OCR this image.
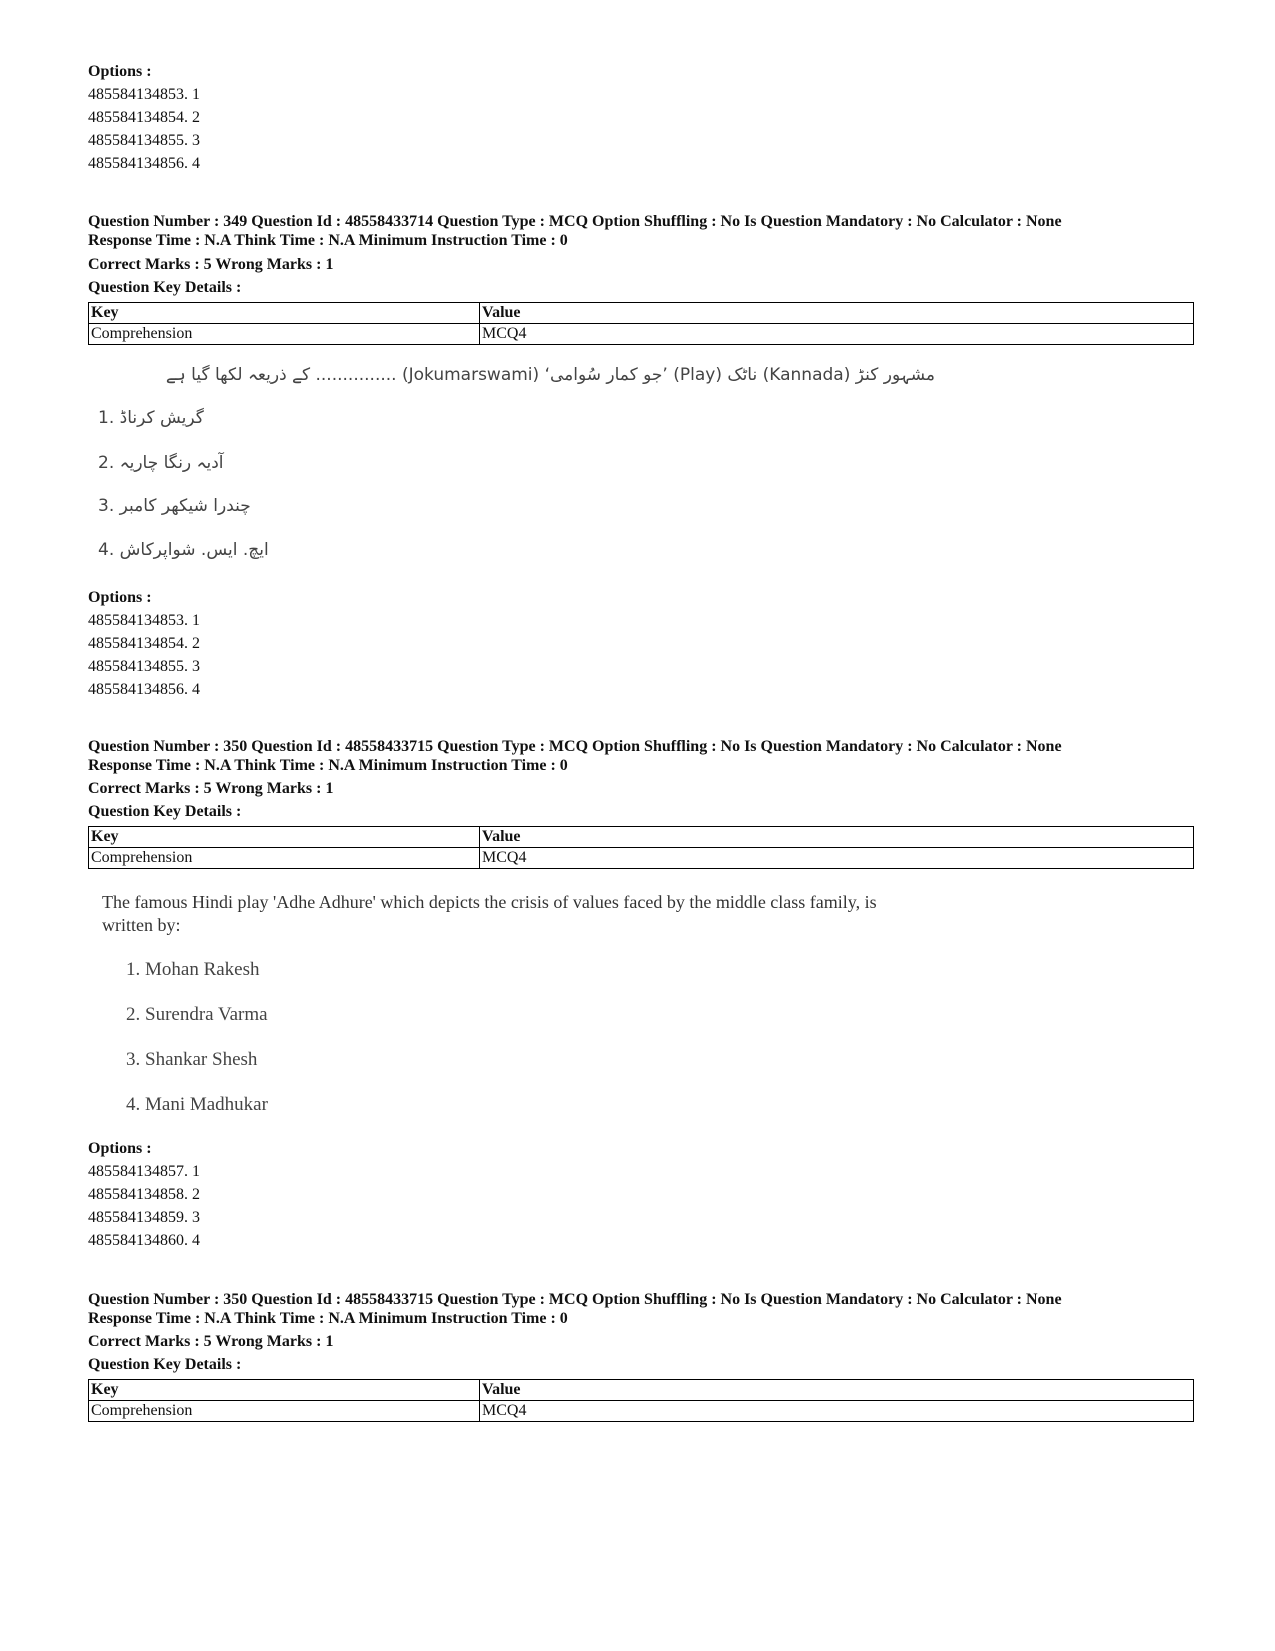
Options :
485584134853. 1
485584134854. 2
485584134855. 3
485584134856. 4
Question Number : 349 Question Id : 48558433714 Question Type : MCQ Option Shuffling : No Is Question Mandatory : No Calculator : None
Response Time : N.A Think Time : N.A Minimum Instruction Time : 0
Correct Marks : 5 Wrong Marks : 1
Question Key Details :
Key	Value
Comprehension	MCQ4
مشہور کنڑ (Kannada) ناٹک (Play) ’جو کمار سُوامی‘ (Jokumarswami) ............... کے ذریعہ لکھا گیا ہے
گریش کرناڈ .1
آدیہ رنگا چاریہ .2
چندرا شیکھر کامبر .3
ایچ. ایس. شواپرکاش .4
Options :
485584134853. 1
485584134854. 2
485584134855. 3
485584134856. 4
Question Number : 350 Question Id : 48558433715 Question Type : MCQ Option Shuffling : No Is Question Mandatory : No Calculator : None
Response Time : N.A Think Time : N.A Minimum Instruction Time : 0
Correct Marks : 5 Wrong Marks : 1
Question Key Details :
Key	Value
Comprehension	MCQ4
The famous Hindi play 'Adhe Adhure' which depicts the crisis of values faced by the middle class family, is
written by:
1. Mohan Rakesh
2. Surendra Varma
3. Shankar Shesh
4. Mani Madhukar
Options :
485584134857. 1
485584134858. 2
485584134859. 3
485584134860. 4
Question Number : 350 Question Id : 48558433715 Question Type : MCQ Option Shuffling : No Is Question Mandatory : No Calculator : None
Response Time : N.A Think Time : N.A Minimum Instruction Time : 0
Correct Marks : 5 Wrong Marks : 1
Question Key Details :
Key	Value
Comprehension	MCQ4
